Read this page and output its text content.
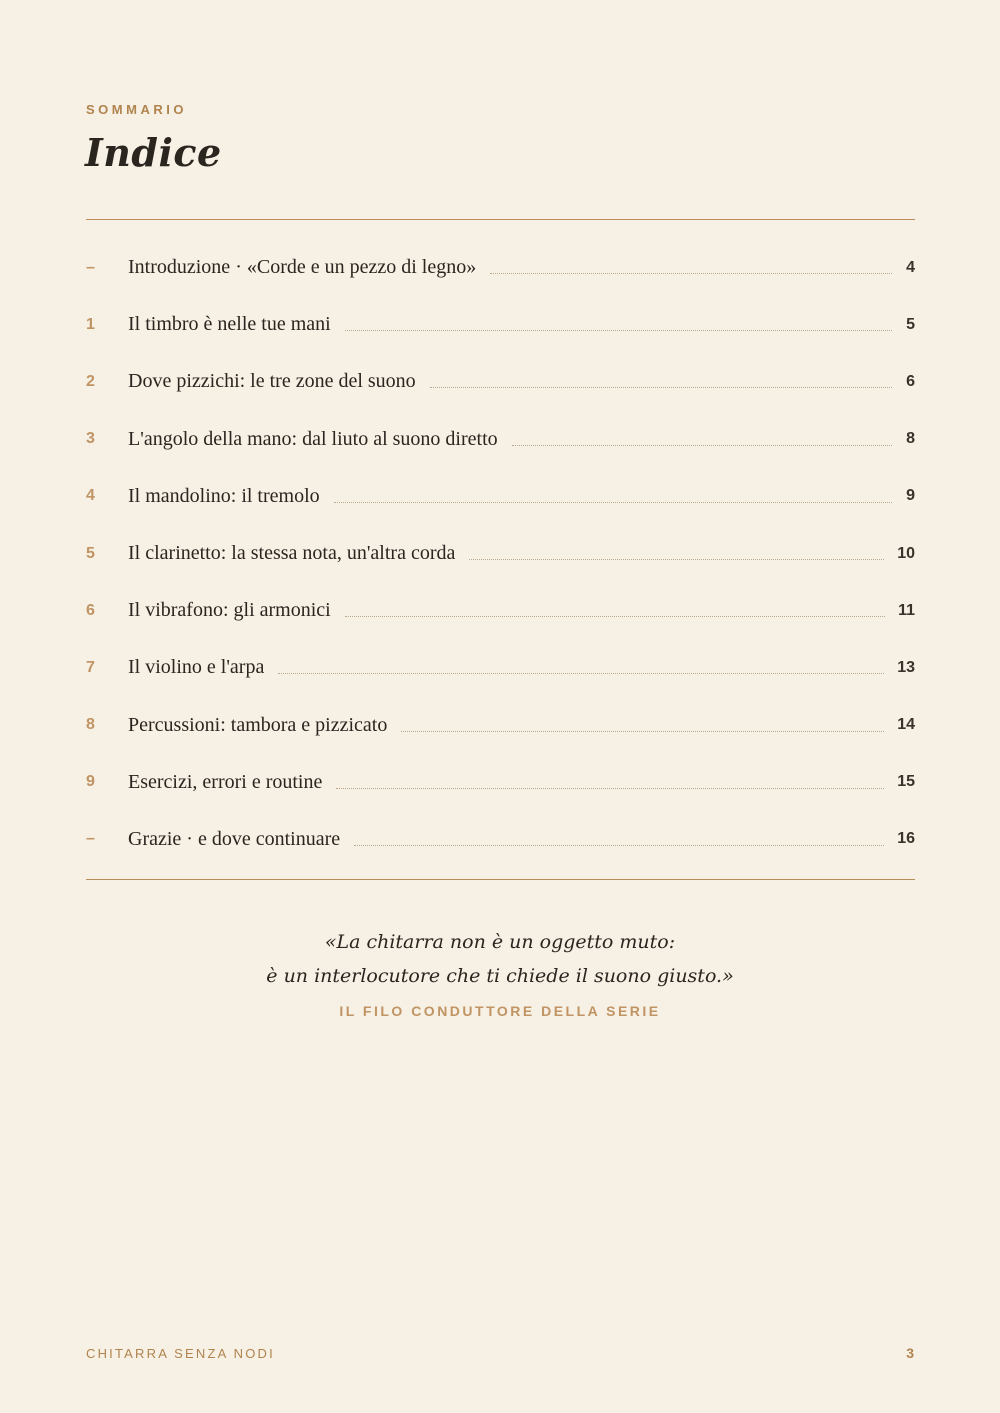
SOMMARIO
Indice
–	Introduzione · «Corde e un pezzo di legno»	4
1	Il timbro è nelle tue mani	5
2	Dove pizzichi: le tre zone del suono	6
3	L'angolo della mano: dal liuto al suono diretto	8
4	Il mandolino: il tremolo	9
5	Il clarinetto: la stessa nota, un'altra corda	10
6	Il vibrafono: gli armonici	11
7	Il violino e l'arpa	13
8	Percussioni: tambora e pizzicato	14
9	Esercizi, errori e routine	15
–	Grazie · e dove continuare	16
«La chitarra non è un oggetto muto:
è un interlocutore che ti chiede il suono giusto.»
IL FILO CONDUTTORE DELLA SERIE
CHITARRA SENZA NODI	3
